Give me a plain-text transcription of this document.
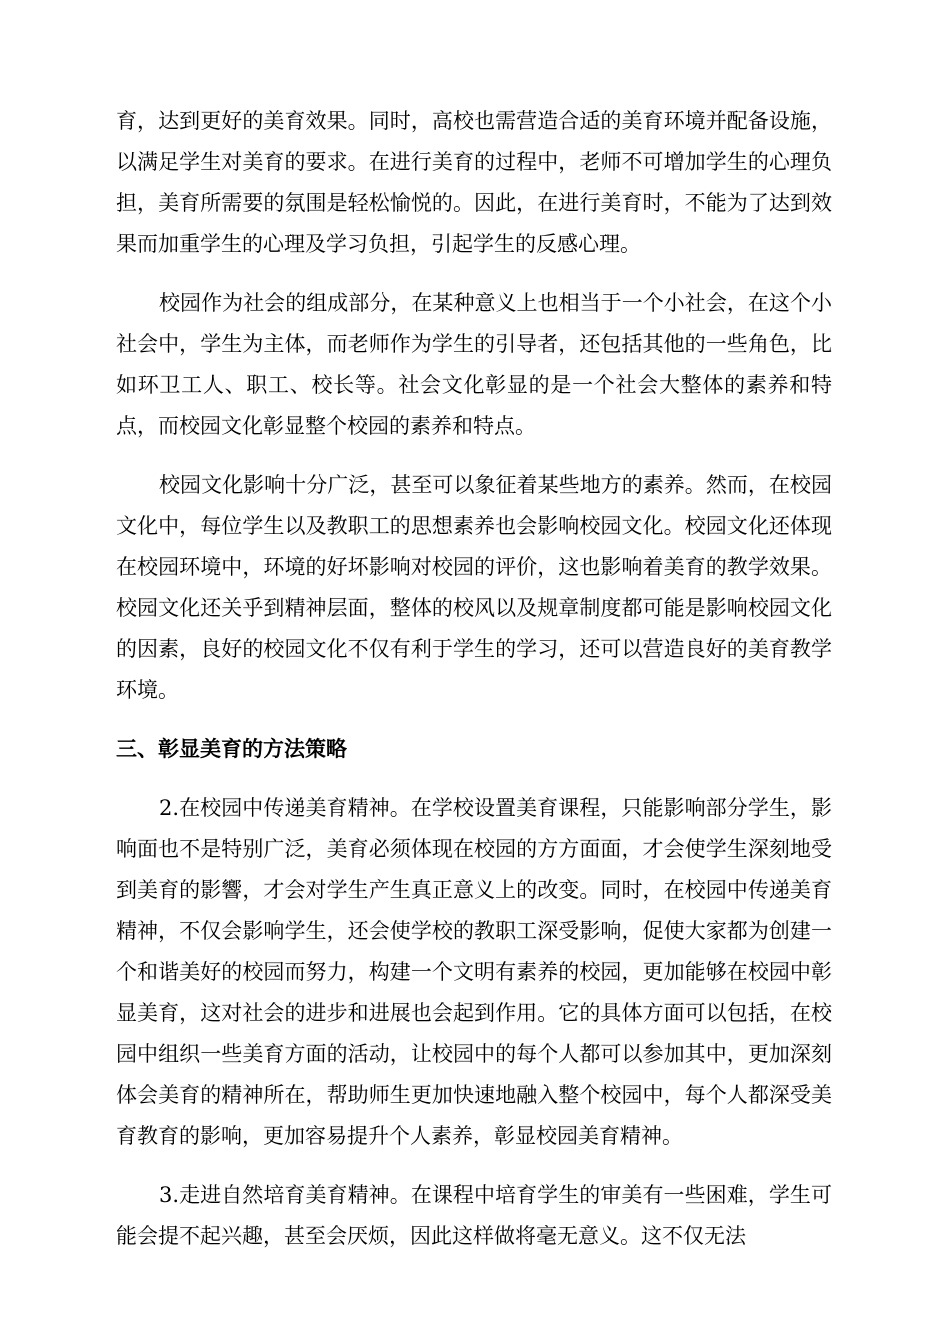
育，达到更好的美育效果。同时，高校也需营造合适的美育环境并配备设施，以满足学生对美育的要求。在进行美育的过程中，老师不可增加学生的心理负担，美育所需要的氛围是轻松愉悦的。因此，在进行美育时，不能为了达到效果而加重学生的心理及学习负担，引起学生的反感心理。

校园作为社会的组成部分，在某种意义上也相当于一个小社会，在这个小社会中，学生为主体，而老师作为学生的引导者，还包括其他的一些角色，比如环卫工人、职工、校长等。社会文化彰显的是一个社会大整体的素养和特点，而校园文化彰显整个校园的素养和特点。

校园文化影响十分广泛，甚至可以象征着某些地方的素养。然而，在校园文化中，每位学生以及教职工的思想素养也会影响校园文化。校园文化还体现在校园环境中，环境的好坏影响对校园的评价，这也影响着美育的教学效果。校园文化还关乎到精神层面，整体的校风以及规章制度都可能是影响校园文化的因素，良好的校园文化不仅有利于学生的学习，还可以营造良好的美育教学环境。

三、彰显美育的方法策略

2.在校园中传递美育精神。在学校设置美育课程，只能影响部分学生，影响面也不是特别广泛，美育必须体现在校园的方方面面，才会使学生深刻地受到美育的影響，才会对学生产生真正意义上的改变。同时，在校园中传递美育精神，不仅会影响学生，还会使学校的教职工深受影响，促使大家都为创建一个和谐美好的校园而努力，构建一个文明有素养的校园，更加能够在校园中彰显美育，这对社会的进步和进展也会起到作用。它的具体方面可以包括，在校园中组织一些美育方面的活动，让校园中的每个人都可以参加其中，更加深刻体会美育的精神所在，帮助师生更加快速地融入整个校园中，每个人都深受美育教育的影响，更加容易提升个人素养，彰显校园美育精神。

3.走进自然培育美育精神。在课程中培育学生的审美有一些困难，学生可能会提不起兴趣，甚至会厌烦，因此这样做将毫无意义。这不仅无法
